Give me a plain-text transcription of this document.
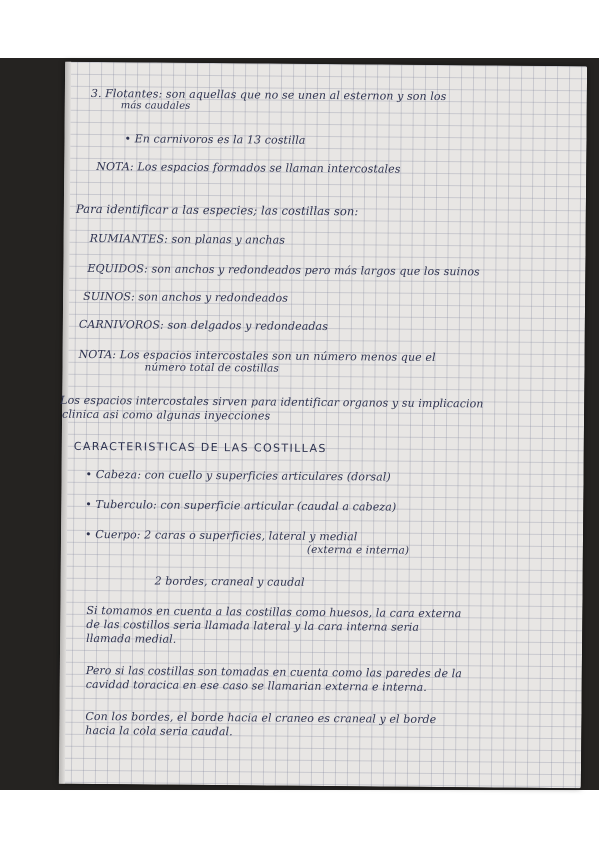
3. Flotantes: son aquellas que no se unen al esternon y son los
más caudales
• En carnivoros es la 13 costilla
NOTA: Los espacios formados se llaman intercostales
Para identificar a las especies; las costillas son:
RUMIANTES: son planas y anchas
EQUIDOS: son anchos y redondeados pero más largos que los suinos
SUINOS: son anchos y redondeados
CARNIVOROS: son delgados y redondeadas
NOTA: Los espacios intercostales son un número menos que el
número total de costillas
Los espacios intercostales sirven para identificar organos y su implicacion
clinica asi como algunas inyecciones
CARACTERISTICAS DE LAS COSTILLAS
• Cabeza: con cuello y superficies articulares (dorsal)
• Tuberculo: con superficie articular (caudal a cabeza)
• Cuerpo: 2 caras o superficies, lateral y medial
(externa e interna)
2 bordes, craneal y caudal
Si tomamos en cuenta a las costillas como huesos, la cara externa
de las costillos seria llamada lateral y la cara interna seria
llamada medial.
Pero si las costillas son tomadas en cuenta como las paredes de la
cavidad toracica en ese caso se llamarian externa e interna.
Con los bordes, el borde hacia el craneo es craneal y el borde
hacia la cola seria caudal.
